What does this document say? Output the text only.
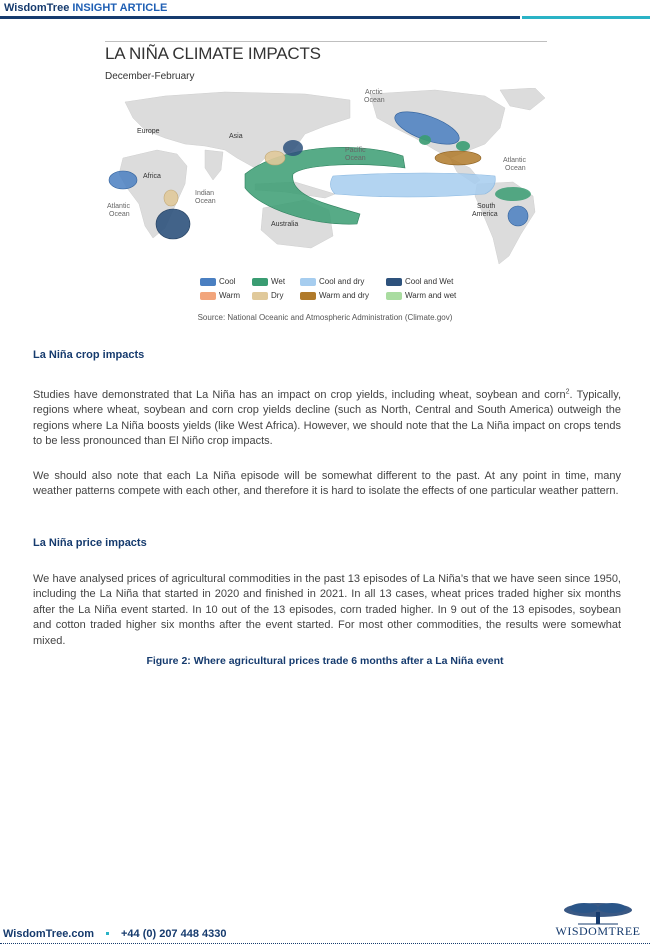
WisdomTree INSIGHT ARTICLE
LA NIÑA CLIMATE IMPACTS
December-February
Arctic
Ocean
Europe
Asia
Africa
Indian
Ocean
Pacific
Ocean
Australia
Atlantic
Ocean
Atlantic
Ocean
South
America
Cool	Wet	Cool and dry	Cool and Wet
Warm	Dry	Warm and dry	Warm and wet
Source: National Oceanic and Atmospheric Administration (Climate.gov)
La Niña crop impacts
Studies have demonstrated that La Niña has an impact on crop yields, including wheat, soybean and corn$^2$. Typically, regions where wheat, soybean and corn crop yields decline (such as North, Central and South America) outweigh the regions where La Niña boosts yields (like West Africa). However, we should note that the La Niña impact on crops tends to be less pronounced than El Niño crop impacts.
We should also note that each La Niña episode will be somewhat different to the past. At any point in time, many weather patterns compete with each other, and therefore it is hard to isolate the effects of one particular weather pattern.
La Niña price impacts
We have analysed prices of agricultural commodities in the past 13 episodes of La Niña’s that we have seen since 1950, including the La Niña that started in 2020 and finished in 2021. In all 13 cases, wheat prices traded higher six months after the La Niña event started. In 10 out of the 13 episodes, corn traded higher. In 9 out of the 13 episodes, soybean and cotton traded higher six months after the event started. For most other commodities, the results were somewhat mixed.
Figure 2: Where agricultural prices trade 6 months after a La Niña event
WisdomTree.com +44 (0) 207 448 4330	WISDOMTREE
